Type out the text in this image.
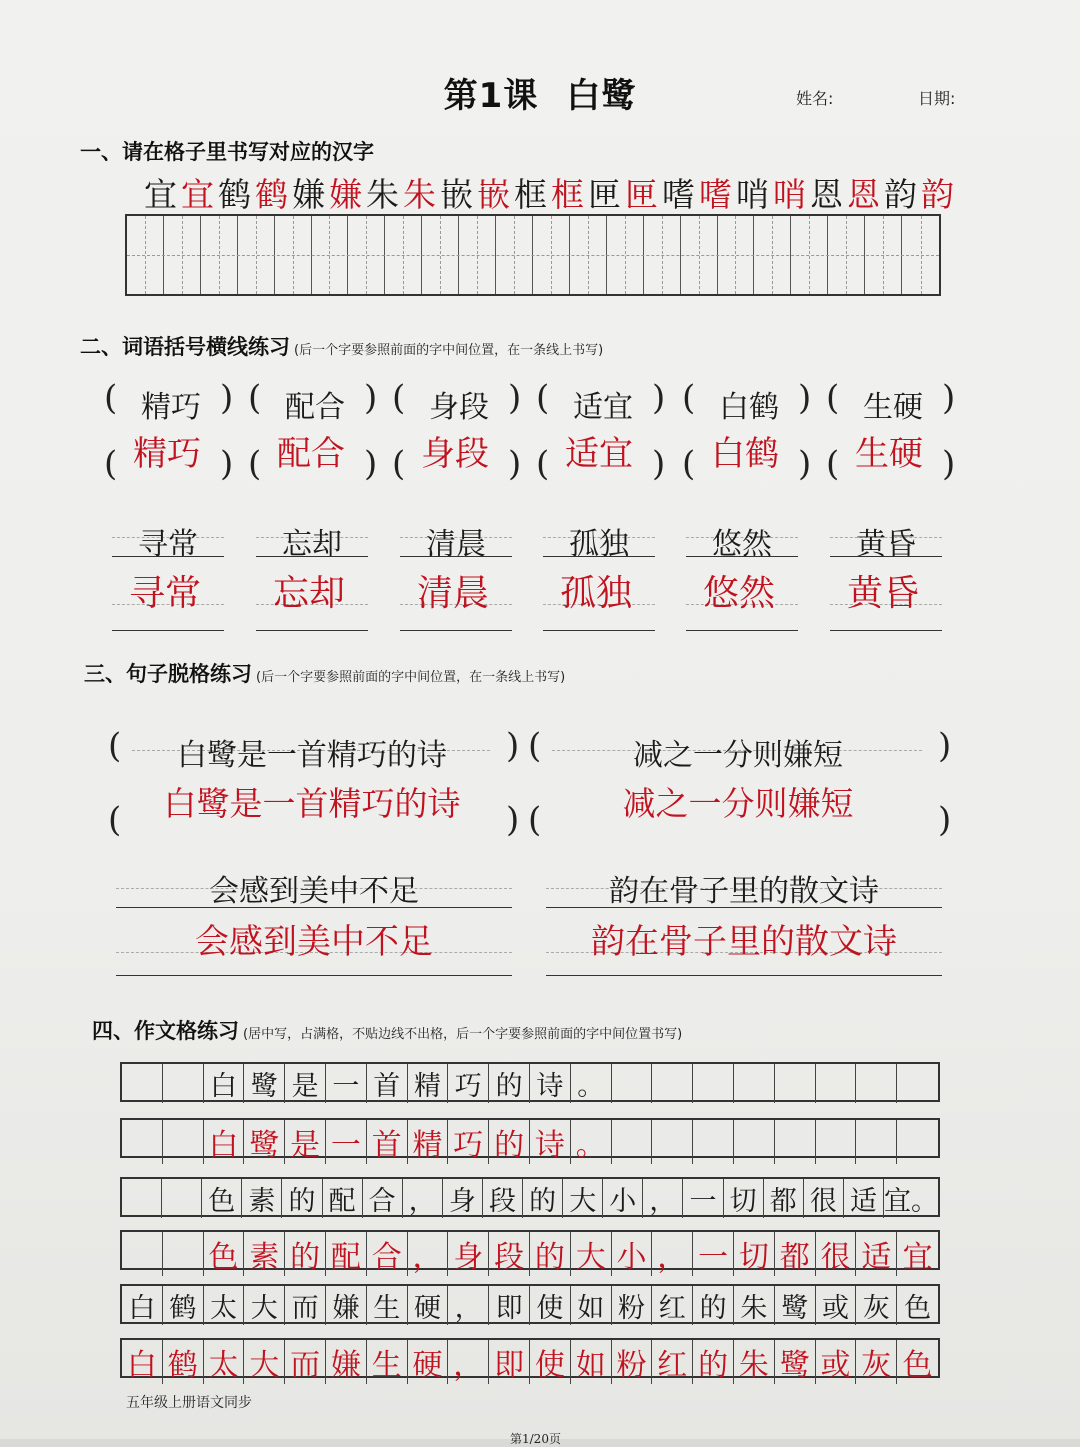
第1课 白鹭	姓名:	日期:
一、请在格子里书写对应的汉字
宜 宜 鹤 鹤 嫌 嫌 朱 朱 嵌 嵌 框 框 匣 匣 嗜 嗜 哨 哨 恩 恩 韵 韵
二、词语括号横线练习 (后一个字要参照前面的字中间位置，在一条线上书写)
( 精巧 )
( 精巧 )
( 配合 )
( 配合 )
( 身段 )
( 身段 )
( 适宜 )
( 适宜 )
( 白鹤 )
( 白鹤 )
( 生硬 )
( 生硬 )
寻常
寻常
忘却
忘却
清晨
清晨
孤独
孤独
悠然
悠然
黄昏
黄昏
三、句子脱格练习 (后一个字要参照前面的字中间位置，在一条线上书写)
(	白鹭是一首精巧的诗	)
(	白鹭是一首精巧的诗	)
(	减之一分则嫌短	)
(	减之一分则嫌短	)
会感到美中不足
会感到美中不足
韵在骨子里的散文诗
韵在骨子里的散文诗
四、作文格练习 (居中写，占满格，不贴边线不出格，后一个字要参照前面的字中间位置书写)
白 鹭 是 一 首 精 巧 的 诗 。
白 鹭 是 一 首 精 巧 的 诗 。
色 素 的 配 合 ， 身 段 的 大 小 ， 一 切 都 很 适 宜。
色 素 的 配 合 ， 身 段 的 大 小 ， 一 切 都 很 适 宜
白 鹤 太 大 而 嫌 生 硬 ， 即 使 如 粉 红 的 朱 鹭 或 灰 色
白 鹤 太 大 而 嫌 生 硬 ， 即 使 如 粉 红 的 朱 鹭 或 灰 色
五年级上册语文同步
第1/20页
